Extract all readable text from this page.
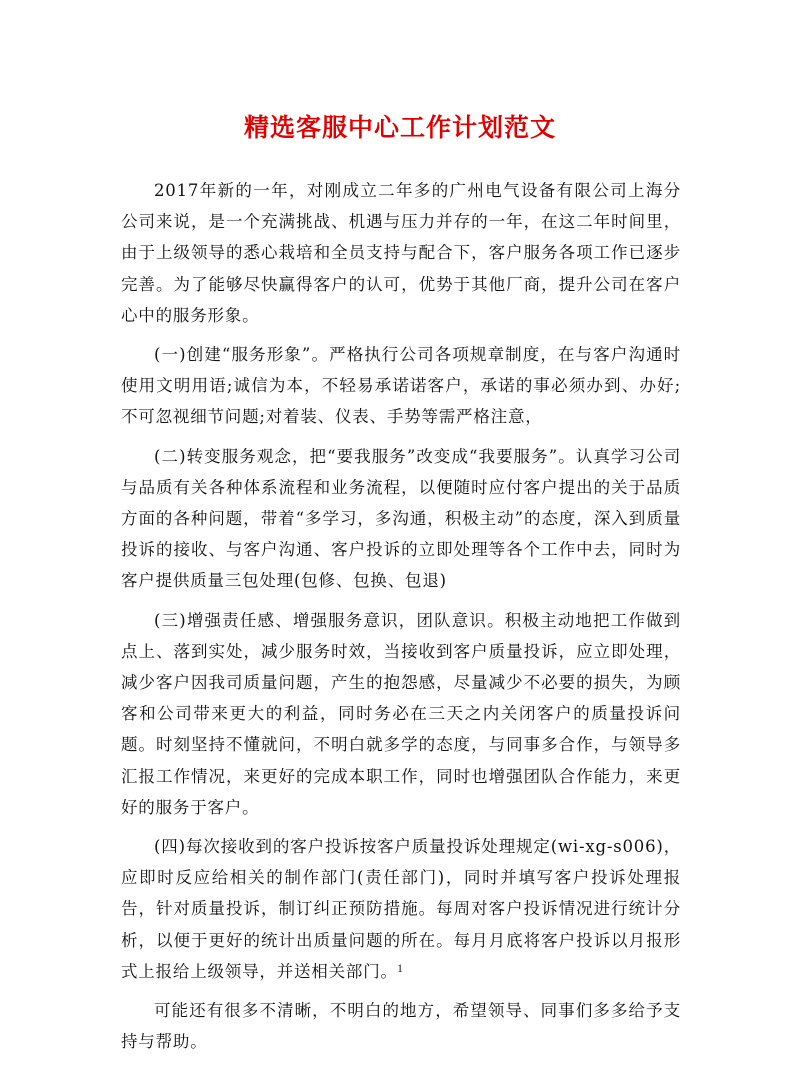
精选客服中心工作计划范文

2017年新的一年，对刚成立二年多的广州电气设备有限公司上海分公司来说，是一个充满挑战、机遇与压力并存的一年，在这二年时间里，由于上级领导的悉心栽培和全员支持与配合下，客户服务各项工作已逐步完善。为了能够尽快赢得客户的认可，优势于其他厂商，提升公司在客户心中的服务形象。

(一)创建“服务形象”。严格执行公司各项规章制度，在与客户沟通时使用文明用语;诚信为本，不轻易承诺诺客户，承诺的事必须办到、办好;不可忽视细节问题;对着装、仪表、手势等需严格注意，

(二)转变服务观念，把“要我服务”改变成“我要服务”。认真学习公司与品质有关各种体系流程和业务流程，以便随时应付客户提出的关于品质方面的各种问题，带着“多学习，多沟通，积极主动”的态度，深入到质量投诉的接收、与客户沟通、客户投诉的立即处理等各个工作中去，同时为客户提供质量三包处理(包修、包换、包退)

(三)增强责任感、增强服务意识，团队意识。积极主动地把工作做到点上、落到实处，减少服务时效，当接收到客户质量投诉，应立即处理，减少客户因我司质量问题，产生的抱怨感，尽量减少不必要的损失，为顾客和公司带来更大的利益，同时务必在三天之内关闭客户的质量投诉问题。时刻坚持不懂就问，不明白就多学的态度，与同事多合作，与领导多汇报工作情况，来更好的完成本职工作，同时也增强团队合作能力，来更好的服务于客户。

(四)每次接收到的客户投诉按客户质量投诉处理规定(wi-xg-s006)，应即时反应给相关的制作部门(责任部门)，同时并填写客户投诉处理报告，针对质量投诉，制订纠正预防措施。每周对客户投诉情况进行统计分析，以便于更好的统计出质量问题的所在。每月月底将客户投诉以月报形式上报给上级领导，并送相关部门。

可能还有很多不清晰，不明白的地方，希望领导、同事们多多给予支持与帮助。

1
